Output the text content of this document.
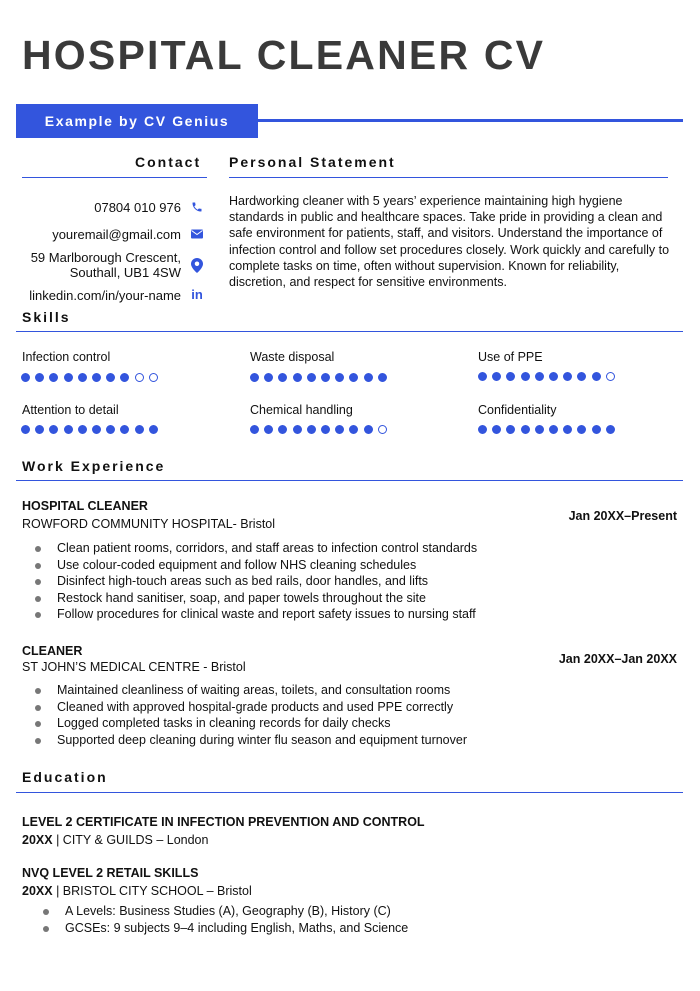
HOSPITAL CLEANER CV
Example by CV Genius
Contact
07804 010 976
youremail@gmail.com
59 Marlborough Crescent,
Southall, UB1 4SW
linkedin.com/in/your-name in
Personal Statement
Hardworking cleaner with 5 years’ experience maintaining high hygiene standards in public and healthcare spaces. Take pride in providing a clean and safe environment for patients, staff, and visitors. Understand the importance of infection control and follow set procedures closely. Work quickly and carefully to complete tasks on time, often without supervision. Known for reliability, discretion, and respect for sensitive environments.
Skills
Infection control	Waste disposal	Use of PPE
Attention to detail	Chemical handling	Confidentiality
Work Experience
HOSPITAL CLEANER
ROWFORD COMMUNITY HOSPITAL- Bristol
Jan 20XX–Present
Clean patient rooms, corridors, and staff areas to infection control standards
Use colour-coded equipment and follow NHS cleaning schedules
Disinfect high-touch areas such as bed rails, door handles, and lifts
Restock hand sanitiser, soap, and paper towels throughout the site
Follow procedures for clinical waste and report safety issues to nursing staff
CLEANER
ST JOHN’S MEDICAL CENTRE - Bristol
Jan 20XX–Jan 20XX
Maintained cleanliness of waiting areas, toilets, and consultation rooms
Cleaned with approved hospital-grade products and used PPE correctly
Logged completed tasks in cleaning records for daily checks
Supported deep cleaning during winter flu season and equipment turnover
Education
LEVEL 2 CERTIFICATE IN INFECTION PREVENTION AND CONTROL
20XX | CITY & GUILDS – London
NVQ LEVEL 2 RETAIL SKILLS
20XX | BRISTOL CITY SCHOOL – Bristol
A Levels: Business Studies (A), Geography (B), History (C)
GCSEs: 9 subjects 9–4 including English, Maths, and Science
